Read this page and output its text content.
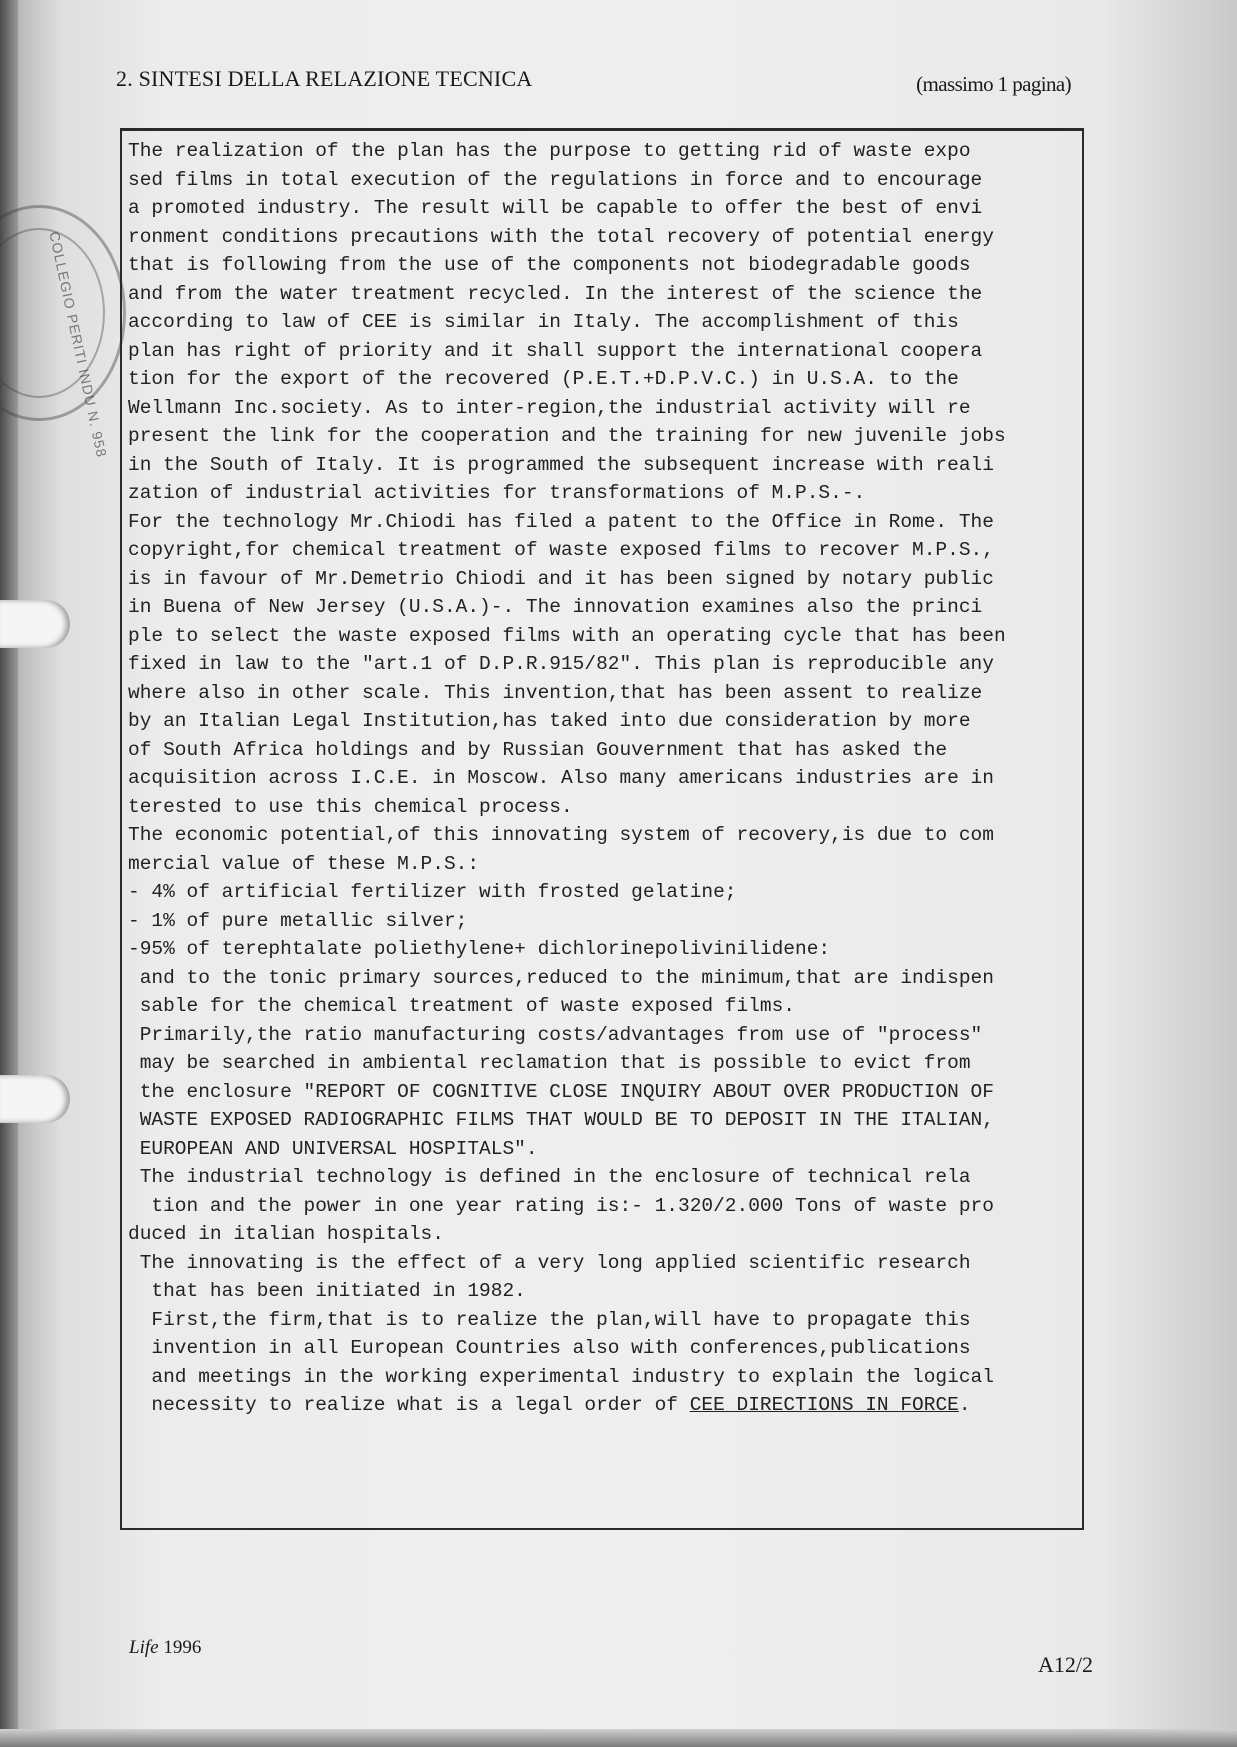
COLLEGIO PERITI INDU N. 958
2. SINTESI DELLA RELAZIONE TECNICA	(massimo 1 pagina)
The realization of the plan has the purpose to getting rid of waste expo
sed films in total execution of the regulations in force and to encourage
a promoted industry. The result will be capable to offer the best of envi
ronment conditions precautions with the total recovery of potential energy
that is following from the use of the components not biodegradable goods
and from the water treatment recycled. In the interest of the science the
according to law of CEE is similar in Italy. The accomplishment of this
plan has right of priority and it shall support the international coopera
tion for the export of the recovered (P.E.T.+D.P.V.C.) in U.S.A. to the
Wellmann Inc.society. As to inter-region,the industrial activity will re
present the link for the cooperation and the training for new juvenile jobs
in the South of Italy. It is programmed the subsequent increase with reali
zation of industrial activities for transformations of M.P.S.-.
For the technology Mr.Chiodi has filed a patent to the Office in Rome. The
copyright,for chemical treatment of waste exposed films to recover M.P.S.,
is in favour of Mr.Demetrio Chiodi and it has been signed by notary public
in Buena of New Jersey (U.S.A.)-. The innovation examines also the princi
ple to select the waste exposed films with an operating cycle that has been
fixed in law to the "art.1 of D.P.R.915/82". This plan is reproducible any
where also in other scale. This invention,that has been assent to realize
by an Italian Legal Institution,has taked into due consideration by more
of South Africa holdings and by Russian Gouvernment that has asked the
acquisition across I.C.E. in Moscow. Also many americans industries are in
terested to use this chemical process.
The economic potential,of this innovating system of recovery,is due to com
mercial value of these M.P.S.:
- 4% of artificial fertilizer with frosted gelatine;
- 1% of pure metallic silver;
-95% of terephtalate poliethylene+ dichlorinepolivinilidene:
and to the tonic primary sources,reduced to the minimum,that are indispen
sable for the chemical treatment of waste exposed films.
Primarily,the ratio manufacturing costs/advantages from use of "process"
may be searched in ambiental reclamation that is possible to evict from
the enclosure "REPORT OF COGNITIVE CLOSE INQUIRY ABOUT OVER PRODUCTION OF
WASTE EXPOSED RADIOGRAPHIC FILMS THAT WOULD BE TO DEPOSIT IN THE ITALIAN,
EUROPEAN AND UNIVERSAL HOSPITALS".
The industrial technology is defined in the enclosure of technical rela
tion and the power in one year rating is:- 1.320/2.000 Tons of waste pro
duced in italian hospitals.
The innovating is the effect of a very long applied scientific research
that has been initiated in 1982.
First,the firm,that is to realize the plan,will have to propagate this
invention in all European Countries also with conferences,publications
and meetings in the working experimental industry to explain the logical
necessity to realize what is a legal order of CEE DIRECTIONS IN FORCE.
Life 1996
A12/2
